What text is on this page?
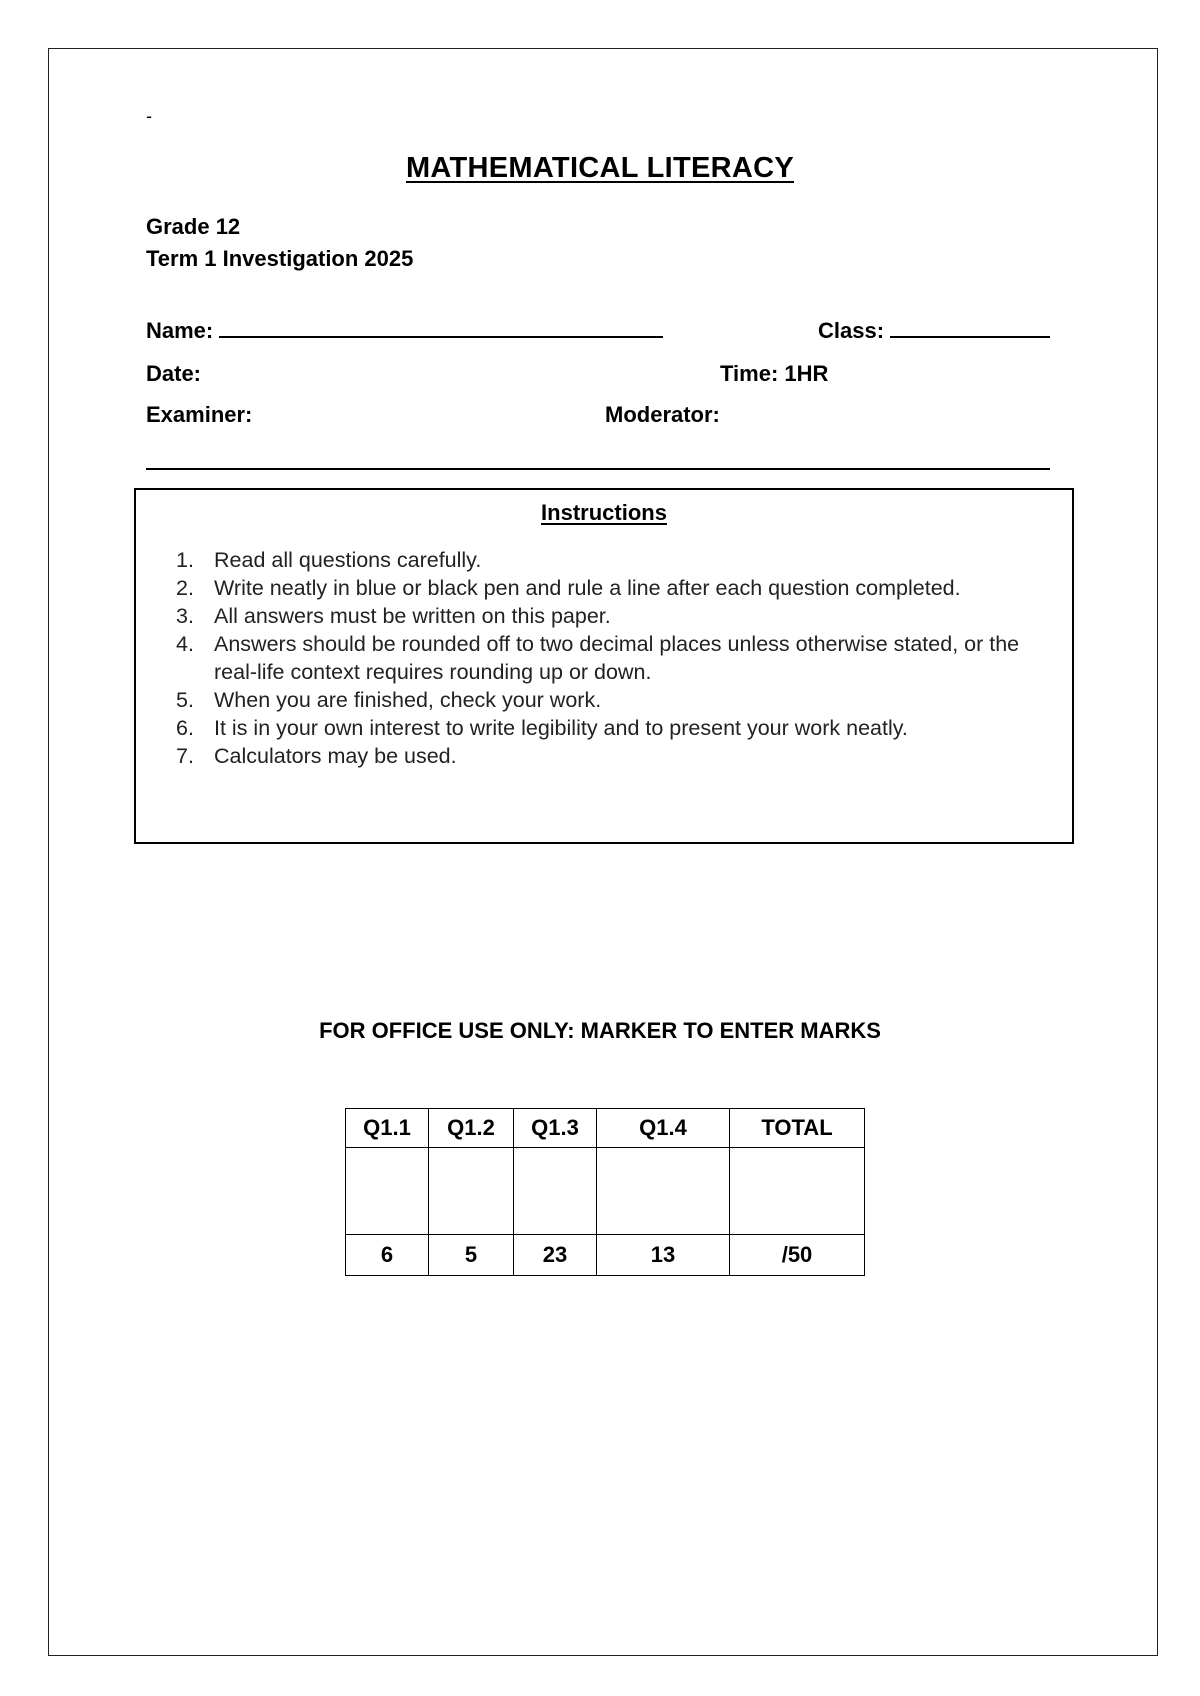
-
MATHEMATICAL LITERACY
Grade 12
Term 1 Investigation 2025
Name:	Class:
Date:	Time: 1HR
Examiner:	Moderator:
Instructions
1. Read all questions carefully.
2. Write neatly in blue or black pen and rule a line after each question completed.
3. All answers must be written on this paper.
4. Answers should be rounded off to two decimal places unless otherwise stated, or the real-life context requires rounding up or down.
5. When you are finished, check your work.
6. It is in your own interest to write legibility and to present your work neatly.
7. Calculators may be used.
FOR OFFICE USE ONLY: MARKER TO ENTER MARKS
Q1.1	Q1.2	Q1.3	Q1.4	TOTAL

6	5	23	13	/50
